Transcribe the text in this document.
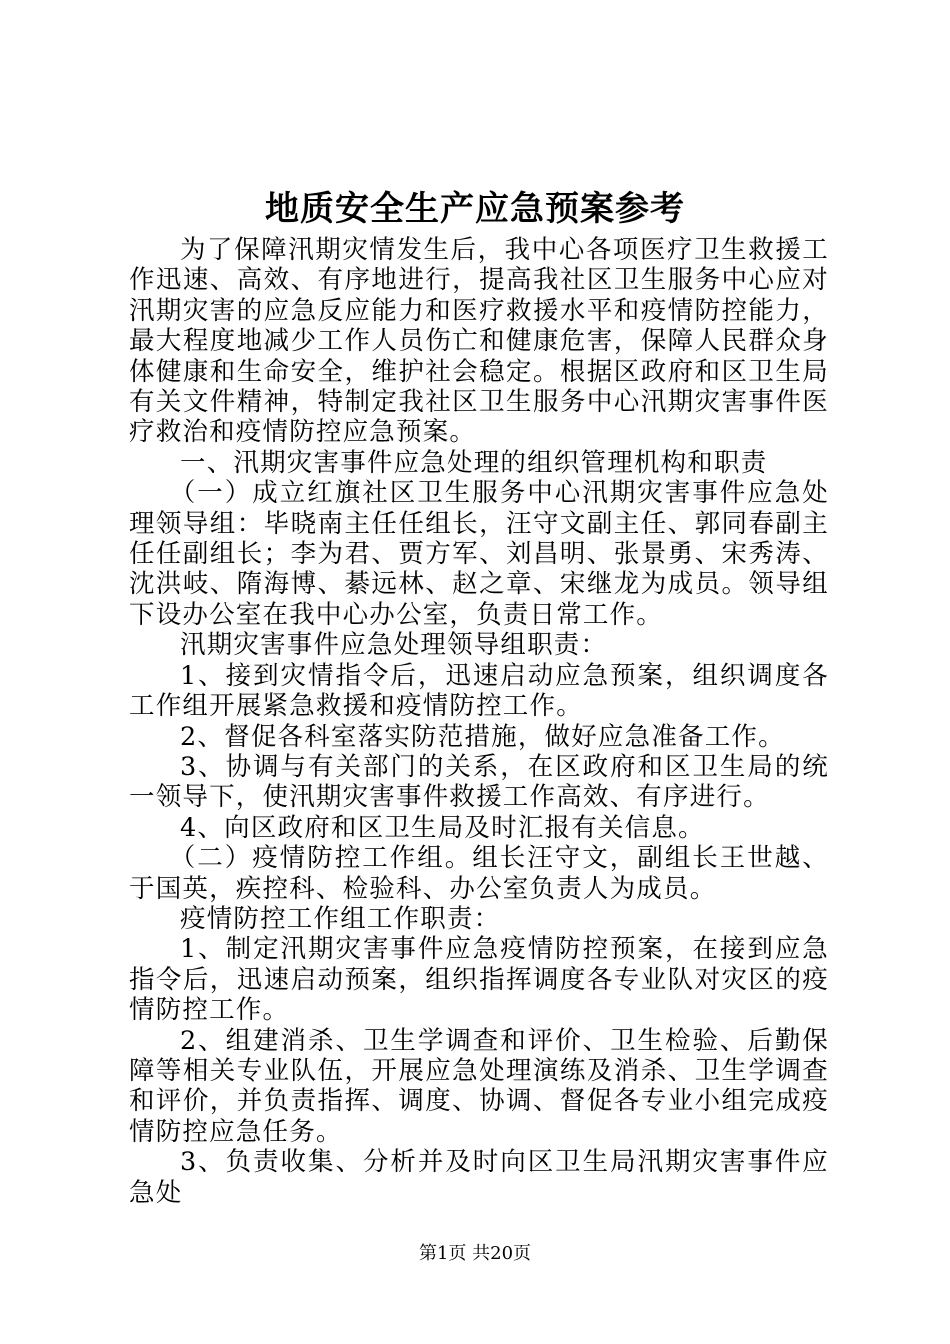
地质安全生产应急预案参考

为了保障汛期灾情发生后，我中心各项医疗卫生救援工作迅速、高效、有序地进行，提高我社区卫生服务中心应对汛期灾害的应急反应能力和医疗救援水平和疫情防控能力，最大程度地减少工作人员伤亡和健康危害，保障人民群众身体健康和生命安全，维护社会稳定。根据区政府和区卫生局有关文件精神，特制定我社区卫生服务中心汛期灾害事件医疗救治和疫情防控应急预案。

一、汛期灾害事件应急处理的组织管理机构和职责

（一）成立红旗社区卫生服务中心汛期灾害事件应急处理领导组：毕晓南主任任组长，汪守文副主任、郭同春副主任任副组长；李为君、贾方军、刘昌明、张景勇、宋秀涛、沈洪岐、隋海博、綦远林、赵之章、宋继龙为成员。领导组下设办公室在我中心办公室，负责日常工作。

汛期灾害事件应急处理领导组职责：

1、接到灾情指令后，迅速启动应急预案，组织调度各工作组开展紧急救援和疫情防控工作。

2、督促各科室落实防范措施，做好应急准备工作。

3、协调与有关部门的关系，在区政府和区卫生局的统一领导下，使汛期灾害事件救援工作高效、有序进行。

4、向区政府和区卫生局及时汇报有关信息。

（二）疫情防控工作组。组长汪守文，副组长王世越、于国英，疾控科、检验科、办公室负责人为成员。

疫情防控工作组工作职责：

1、制定汛期灾害事件应急疫情防控预案，在接到应急指令后，迅速启动预案，组织指挥调度各专业队对灾区的疫情防控工作。

2、组建消杀、卫生学调查和评价、卫生检验、后勤保障等相关专业队伍，开展应急处理演练及消杀、卫生学调查和评价，并负责指挥、调度、协调、督促各专业小组完成疫情防控应急任务。

3、负责收集、分析并及时向区卫生局汛期灾害事件应急处

第1页 共20页
